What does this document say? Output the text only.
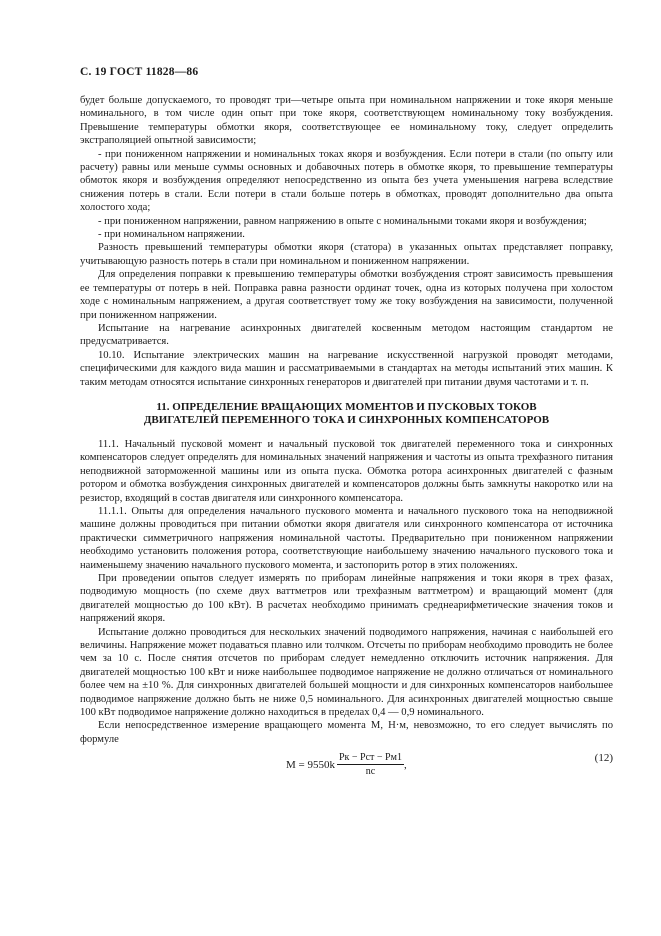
С. 19 ГОСТ 11828—86

будет больше допускаемого, то проводят три—четыре опыта при номинальном напряжении и токе якоря меньше номинального, в том числе один опыт при токе якоря, соответствующем номинальному току возбуждения. Превышение температуры обмотки якоря, соответствующее ее номинальному току, следует определить экстраполяцией опытной зависимости;

- при пониженном напряжении и номинальных токах якоря и возбуждения. Если потери в стали (по опыту или расчету) равны или меньше суммы основных и добавочных потерь в обмотке якоря, то превышение температуры обмоток якоря и возбуждения определяют непосредственно из опыта без учета уменьшения нагрева вследствие снижения потерь в стали. Если потери в стали больше потерь в обмотках, проводят дополнительно два опыта холостого хода;

- при пониженном напряжении, равном напряжению в опыте с номинальными токами якоря и возбуждения;

- при номинальном напряжении.

Разность превышений температуры обмотки якоря (статора) в указанных опытах представляет поправку, учитывающую разность потерь в стали при номинальном и пониженном напряжении.

Для определения поправки к превышению температуры обмотки возбуждения строят зависимость превышения ее температуры от потерь в ней. Поправка равна разности ординат точек, одна из которых получена при холостом ходе с номинальным напряжением, а другая соответствует тому же току возбуждения на зависимости, полученной при пониженном напряжении.

Испытание на нагревание асинхронных двигателей косвенным методом настоящим стандартом не предусматривается.

10.10. Испытание электрических машин на нагревание искусственной нагрузкой проводят методами, специфическими для каждого вида машин и рассматриваемыми в стандартах на методы испытаний этих машин. К таким методам относятся испытание синхронных генераторов и двигателей при питании двумя частотами и т. п.

11. ОПРЕДЕЛЕНИЕ ВРАЩАЮЩИХ МОМЕНТОВ И ПУСКОВЫХ ТОКОВ
ДВИГАТЕЛЕЙ ПЕРЕМЕННОГО ТОКА И СИНХРОННЫХ КОМПЕНСАТОРОВ

11.1. Начальный пусковой момент и начальный пусковой ток двигателей переменного тока и синхронных компенсаторов следует определять для номинальных значений напряжения и частоты из опыта трехфазного питания неподвижной заторможенной машины или из опыта пуска. Обмотка ротора асинхронных двигателей с фазным ротором и обмотка возбуждения синхронных двигателей и компенсаторов должны быть замкнуты накоротко или на резистор, входящий в состав двигателя или синхронного компенсатора.

11.1.1. Опыты для определения начального пускового момента и начального пускового тока на неподвижной машине должны проводиться при питании обмотки якоря двигателя или синхронного компенсатора от источника практически симметричного напряжения номинальной частоты. Предварительно при пониженном напряжении необходимо установить положения ротора, соответствующие наибольшему значению начального пускового тока и наименьшему значению начального пускового момента, и застопорить ротор в этих положениях.

При проведении опытов следует измерять по приборам линейные напряжения и токи якоря в трех фазах, подводимую мощность (по схеме двух ваттметров или трехфазным ваттметром) и вращающий момент (для двигателей мощностью до 100 кВт). В расчетах необходимо принимать среднеарифметические значения токов и напряжений якоря.

Испытание должно проводиться для нескольких значений подводимого напряжения, начиная с наибольшей его величины. Напряжение может подаваться плавно или толчком. Отсчеты по приборам необходимо проводить не более чем за 10 с. После снятия отсчетов по приборам следует немедленно отключить источник напряжения. Для двигателей мощностью 100 кВт и ниже наибольшее подводимое напряжение не должно отличаться от номинального более чем на ±10 %. Для синхронных двигателей большей мощности и для синхронных компенсаторов наибольшее подводимое напряжение должно быть не ниже 0,5 номинального. Для асинхронных двигателей мощностью свыше 100 кВт подводимое напряжение должно находиться в пределах 0,4 — 0,9 номинального.

Если непосредственное измерение вращающего момента М, Н·м, невозможно, то его следует вычислять по формуле

$M = 9550k \frac{\text{Pк − Pст − Pм1}}{nс}$ ,
(12)
